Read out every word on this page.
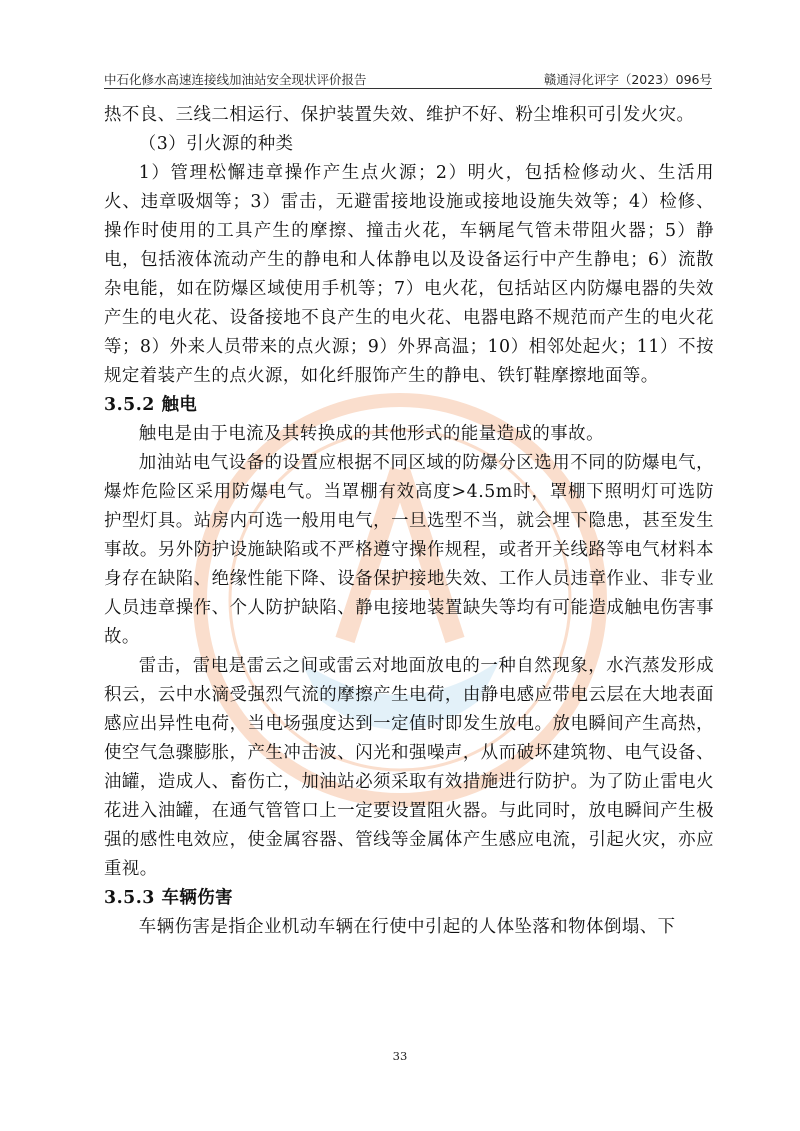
中石化修水高速连接线加油站安全现状评价报告	赣通浔化评字（2023）096号

热不良、三线二相运行、保护装置失效、维护不好、粉尘堆积可引发火灾。

（3）引火源的种类

1）管理松懈违章操作产生点火源；2）明火，包括检修动火、生活用火、违章吸烟等；3）雷击，无避雷接地设施或接地设施失效等；4）检修、操作时使用的工具产生的摩擦、撞击火花，车辆尾气管未带阻火器；5）静电，包括液体流动产生的静电和人体静电以及设备运行中产生静电；6）流散杂电能，如在防爆区域使用手机等；7）电火花，包括站区内防爆电器的失效产生的电火花、设备接地不良产生的电火花、电器电路不规范而产生的电火花等；8）外来人员带来的点火源；9）外界高温；10）相邻处起火；11）不按规定着装产生的点火源，如化纤服饰产生的静电、铁钉鞋摩擦地面等。

3.5.2 触电

触电是由于电流及其转换成的其他形式的能量造成的事故。

加油站电气设备的设置应根据不同区域的防爆分区选用不同的防爆电气，爆炸危险区采用防爆电气。当罩棚有效高度>4.5m时，罩棚下照明灯可选防护型灯具。站房内可选一般用电气，一旦选型不当，就会埋下隐患，甚至发生事故。另外防护设施缺陷或不严格遵守操作规程，或者开关线路等电气材料本身存在缺陷、绝缘性能下降、设备保护接地失效、工作人员违章作业、非专业人员违章操作、个人防护缺陷、静电接地装置缺失等均有可能造成触电伤害事故。

雷击，雷电是雷云之间或雷云对地面放电的一种自然现象，水汽蒸发形成积云，云中水滴受强烈气流的摩擦产生电荷，由静电感应带电云层在大地表面感应出异性电荷，当电场强度达到一定值时即发生放电。放电瞬间产生高热，使空气急骤膨胀，产生冲击波、闪光和强噪声，从而破坏建筑物、电气设备、油罐，造成人、畜伤亡，加油站必须采取有效措施进行防护。为了防止雷电火花进入油罐，在通气管管口上一定要设置阻火器。与此同时，放电瞬间产生极强的感性电效应，使金属容器、管线等金属体产生感应电流，引起火灾，亦应重视。

3.5.3 车辆伤害

车辆伤害是指企业机动车辆在行使中引起的人体坠落和物体倒塌、下

33
